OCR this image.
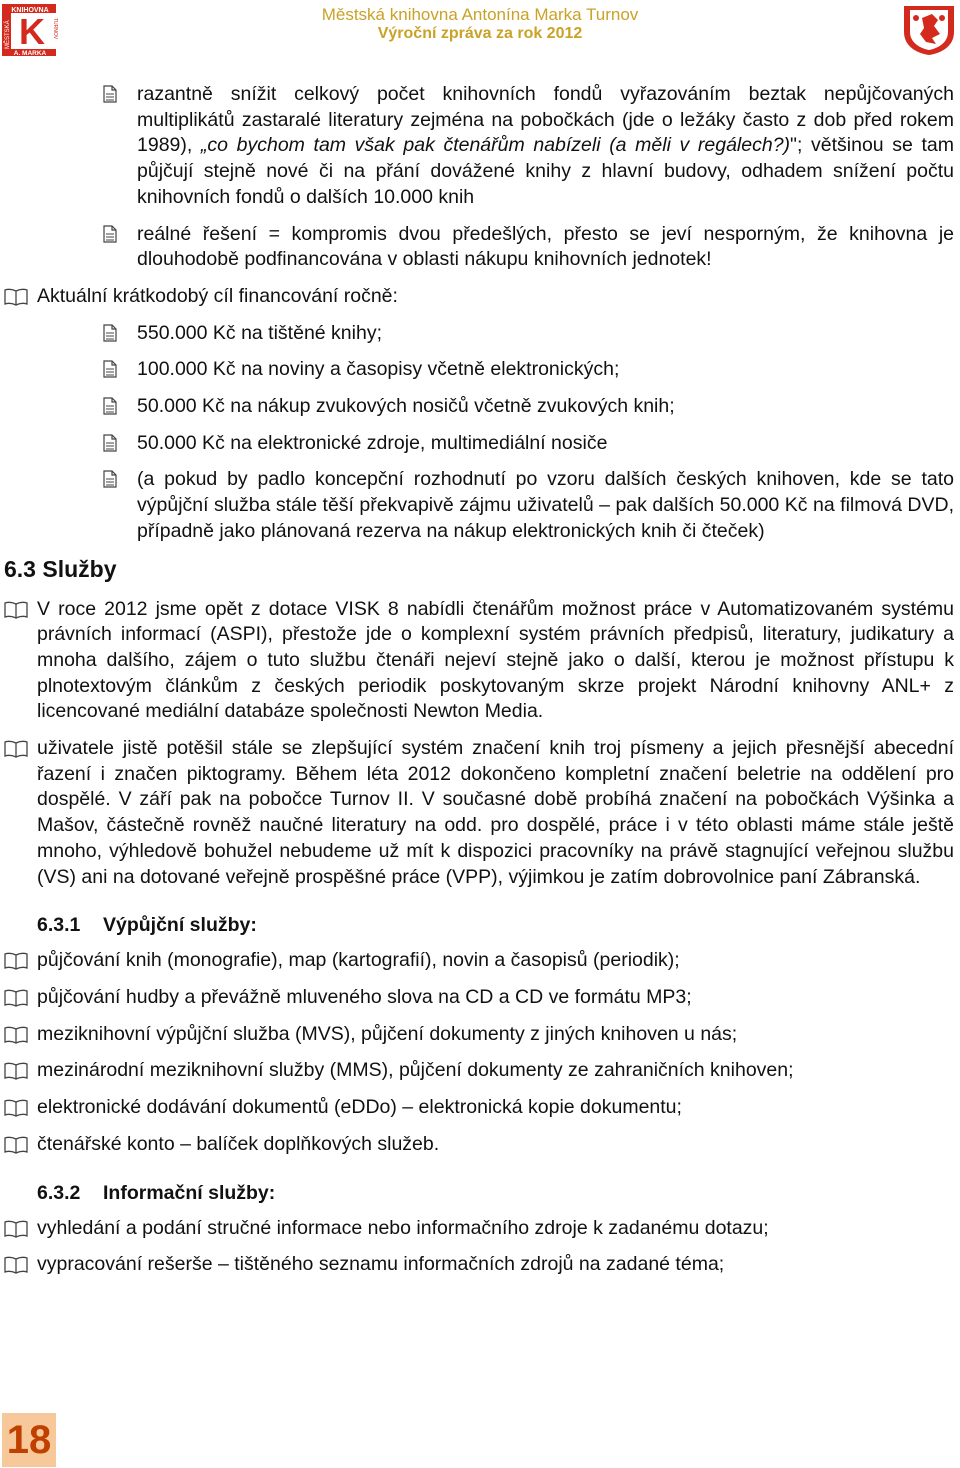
KNIHOVNA
K
A. MARKA
MĚSTSKÁ	TURNOV
Městská knihovna Antonína Marka Turnov
Výroční zpráva za rok 2012
razantně snížit celkový počet knihovních fondů vyřazováním beztak nepůjčovaných multiplikátů zastaralé literatury zejména na pobočkách (jde o ležáky často z dob před rokem 1989), „co bychom tam však pak čtenářům nabízeli (a měli v regálech?)"; většinou se tam půjčují stejně nové či na přání dovážené knihy z hlavní budovy, odhadem snížení počtu knihovních fondů o dalších 10.000 knih
reálné řešení = kompromis dvou předešlých, přesto se jeví nesporným, že knihovna je dlouhodobě podfinancována v oblasti nákupu knihovních jednotek!
Aktuální krátkodobý cíl financování ročně:
550.000 Kč na tištěné knihy;
100.000 Kč na noviny a časopisy včetně elektronických;
50.000 Kč na nákup zvukových nosičů včetně zvukových knih;
50.000 Kč na elektronické zdroje, multimediální nosiče
(a pokud by padlo koncepční rozhodnutí po vzoru dalších českých knihoven, kde se tato výpůjční služba stále těší překvapivě zájmu uživatelů – pak dalších 50.000 Kč na filmová DVD, případně jako plánovaná rezerva na nákup elektronických knih či čteček)
6.3 Služby
V roce 2012 jsme opět z dotace VISK 8 nabídli čtenářům možnost práce v Automatizovaném systému právních informací (ASPI), přestože jde o komplexní systém právních předpisů, literatury, judikatury a mnoha dalšího, zájem o tuto službu čtenáři nejeví stejně jako o další, kterou je možnost přístupu k plnotextovým článkům z českých periodik poskytovaným skrze projekt Národní knihovny ANL+ z licencované mediální databáze společnosti Newton Media.
uživatele jistě potěšil stále se zlepšující systém značení knih troj písmeny a jejich přesnější abecední řazení i značen piktogramy. Během léta 2012 dokončeno kompletní značení beletrie na oddělení pro dospělé. V září pak na pobočce Turnov II. V současné době probíhá značení na pobočkách Výšinka a Mašov, částečně rovněž naučné literatury na odd. pro dospělé, práce i v této oblasti máme stále ještě mnoho, výhledově bohužel nebudeme už mít k dispozici pracovníky na právě stagnující veřejnou službu (VS) ani na dotované veřejně prospěšné práce (VPP), výjimkou je zatím dobrovolnice paní Zábranská.
6.3.1 Výpůjční služby:
půjčování knih (monografie), map (kartografií), novin a časopisů (periodik);
půjčování hudby a převážně mluveného slova na CD a CD ve formátu MP3;
meziknihovní výpůjční služba (MVS), půjčení dokumenty z jiných knihoven u nás;
mezinárodní meziknihovní služby (MMS), půjčení dokumenty ze zahraničních knihoven;
elektronické dodávání dokumentů (eDDo) – elektronická kopie dokumentu;
čtenářské konto – balíček doplňkových služeb.
6.3.2 Informační služby:
vyhledání a podání stručné informace nebo informačního zdroje k zadanému dotazu;
vypracování rešerše – tištěného seznamu informačních zdrojů na zadané téma;
18
